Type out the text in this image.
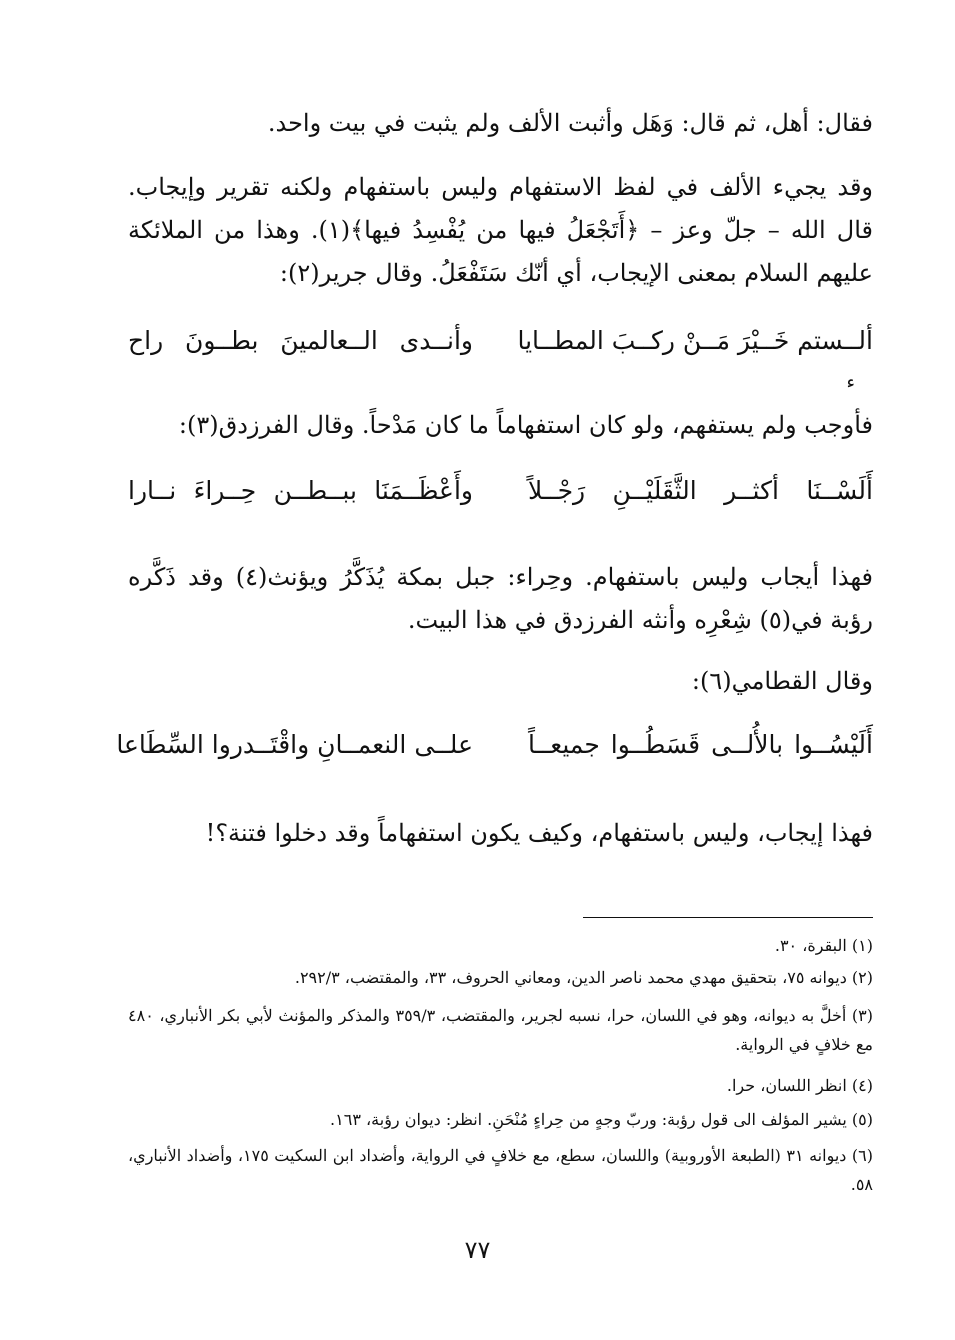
فقال: أهل، ثم قال: وَهَل وأثبت الألف ولم يثبت في بيت واحد.
وقد يجيء الألف في لفظ الاستفهام وليس باستفهام ولكنه تقرير وإيجاب. قال الله – جلّ وعز – ﴿أَتَجْعَلُ فيها من يُفْسِدُ فيها﴾(١). وهذا من الملائكة عليهم السلام بمعنى الإيجاب، أي أنّك سَتَفْعَلُ. وقال جرير(٢):
ألــستم خَــيْرَ مَــنْ ركــبَ المطــايا
وأنــدى الــعالمينَ بطــونَ راح
ء
فأوجب ولم يستفهم، ولو كان استفهاماً ما كان مَدْحاً. وقال الفرزدق(٣):
أَلَسْــنَا أكثــر الثَّقَلَيْــنِ رَجْــلاً
وأَعْظَــمَنَا ببــطــن حِــراءَ نــارا
فهذا أيجاب وليس باستفهام. وحِراء: جبل بمكة يُذَكَّرُ ويؤنث(٤) وقد ذَكَّره رؤبة في(٥) شِعْرِه وأنثه الفرزدق في هذا البيت.
وقال القطامي(٦):
أَلَيْسُــوا بالأُلــى قَسَطُــوا جميعــاً
علــى النعمــانِ واقْتَــدروا السِّطَاعا
فهذا إيجاب، وليس باستفهام، وكيف يكون استفهاماً وقد دخلوا فتنة؟!
(١) البقرة، ٣٠.
(٢) ديوانه ٧٥، بتحقيق مهدي محمد ناصر الدين، ومعاني الحروف، ٣٣، والمقتضب، ٢٩٢/٣.
(٣) أخلَّ به ديوانه، وهو في اللسان، حرا، نسبه لجرير، والمقتضب، ٣٥٩/٣ والمذكر والمؤنث لأبي بكر الأنباري، ٤٨٠ مع خلافٍ في الرواية.
(٤) انظر اللسان، حرا.
(٥) يشير المؤلف الى قول رؤبة: وربّ وجهٍ من حِراءٍ مُنْحَنِ. انظر: ديوان رؤبة، ١٦٣.
(٦) ديوانه ٣١ (الطبعة الأوروبية) واللسان، سطع، مع خلافٍ في الرواية، وأضداد ابن السكيت ١٧٥، وأضداد الأنباري، ٥٨.
٧٧
